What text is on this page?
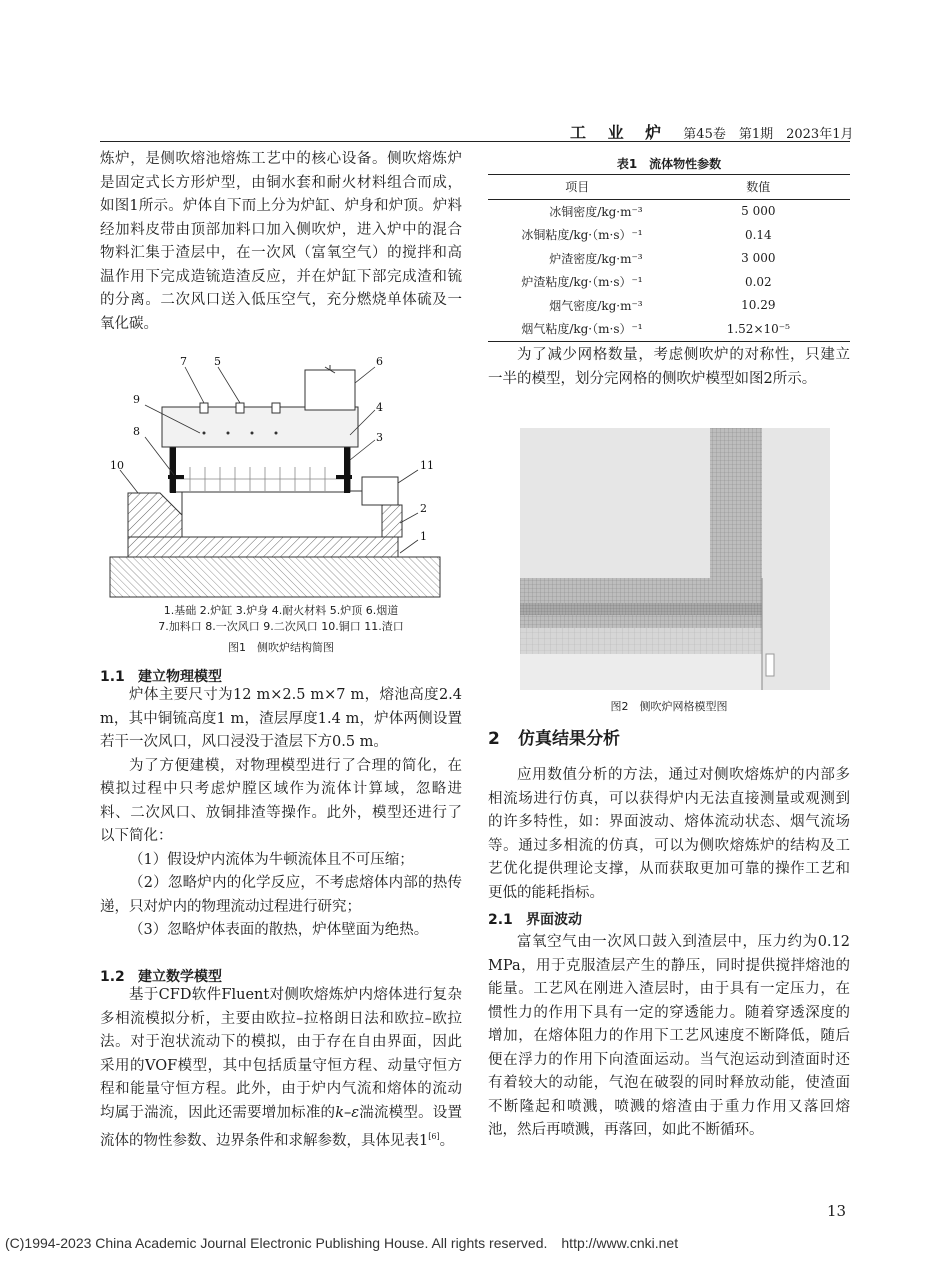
工 业 炉 第45卷　第1期　2023年1月

炼炉，是侧吹熔池熔炼工艺中的核心设备。侧吹熔炼炉是固定式长方形炉型，由铜水套和耐火材料组合而成，如图1所示。炉体自下而上分为炉缸、炉身和炉顶。炉料经加料皮带由顶部加料口加入侧吹炉，进入炉中的混合物料汇集于渣层中，在一次风（富氧空气）的搅拌和高温作用下完成造锍造渣反应，并在炉缸下部完成渣和锍的分离。二次风口送入低压空气，充分燃烧单体硫及一氧化碳。

7 5	6
4
3
9
8
10	11
2
1
1.基础 2.炉缸 3.炉身 4.耐火材料 5.炉顶 6.烟道
7.加料口 8.一次风口 9.二次风口 10.铜口 11.渣口
图1　侧吹炉结构简图
1.1 建立物理模型

炉体主要尺寸为12 m×2.5 m×7 m，熔池高度2.4 m，其中铜锍高度1 m，渣层厚度1.4 m，炉体两侧设置若干一次风口，风口浸没于渣层下方0.5 m。

为了方便建模，对物理模型进行了合理的简化，在模拟过程中只考虑炉膛区域作为流体计算域，忽略进料、二次风口、放铜排渣等操作。此外，模型还进行了以下简化：

（1）假设炉内流体为牛顿流体且不可压缩；

（2）忽略炉内的化学反应，不考虑熔体内部的热传递，只对炉内的物理流动过程进行研究；

（3）忽略炉体表面的散热，炉体壁面为绝热。

1.2 建立数学模型

基于CFD软件Fluent对侧吹熔炼炉内熔体进行复杂多相流模拟分析，主要由欧拉–拉格朗日法和欧拉–欧拉法。对于泡状流动下的模拟，由于存在自由界面，因此采用的VOF模型，其中包括质量守恒方程、动量守恒方程和能量守恒方程。此外，由于炉内气流和熔体的流动均属于湍流，因此还需要增加标准的k–ε湍流模型。设置流体的物性参数、边界条件和求解参数，具体见表1[6]。

表1　流体物性参数
项目	数值
冰铜密度/kg·m⁻³	5 000
冰铜粘度/kg·（m·s）⁻¹	0.14
炉渣密度/kg·m⁻³	3 000
炉渣粘度/kg·（m·s）⁻¹	0.02
烟气密度/kg·m⁻³	10.29
烟气粘度/kg·（m·s）⁻¹	1.52×10⁻⁵

为了减少网格数量，考虑侧吹炉的对称性，只建立一半的模型，划分完网格的侧吹炉模型如图2所示。

图2　侧吹炉网格模型图
2 仿真结果分析

应用数值分析的方法，通过对侧吹熔炼炉的内部多相流场进行仿真，可以获得炉内无法直接测量或观测到的许多特性，如：界面波动、熔体流动状态、烟气流场等。通过多相流的仿真，可以为侧吹熔炼炉的结构及工艺优化提供理论支撑，从而获取更加可靠的操作工艺和更低的能耗指标。

2.1 界面波动

富氧空气由一次风口鼓入到渣层中，压力约为0.12 MPa，用于克服渣层产生的静压，同时提供搅拌熔池的能量。工艺风在刚进入渣层时，由于具有一定压力，在惯性力的作用下具有一定的穿透能力。随着穿透深度的增加，在熔体阻力的作用下工艺风速度不断降低，随后便在浮力的作用下向渣面运动。当气泡运动到渣面时还有着较大的动能，气泡在破裂的同时释放动能，使渣面不断隆起和喷溅，喷溅的熔渣由于重力作用又落回熔池，然后再喷溅，再落回，如此不断循环。

13
(C)1994-2023 China Academic Journal Electronic Publishing House. All rights reserved.　http://www.cnki.net
